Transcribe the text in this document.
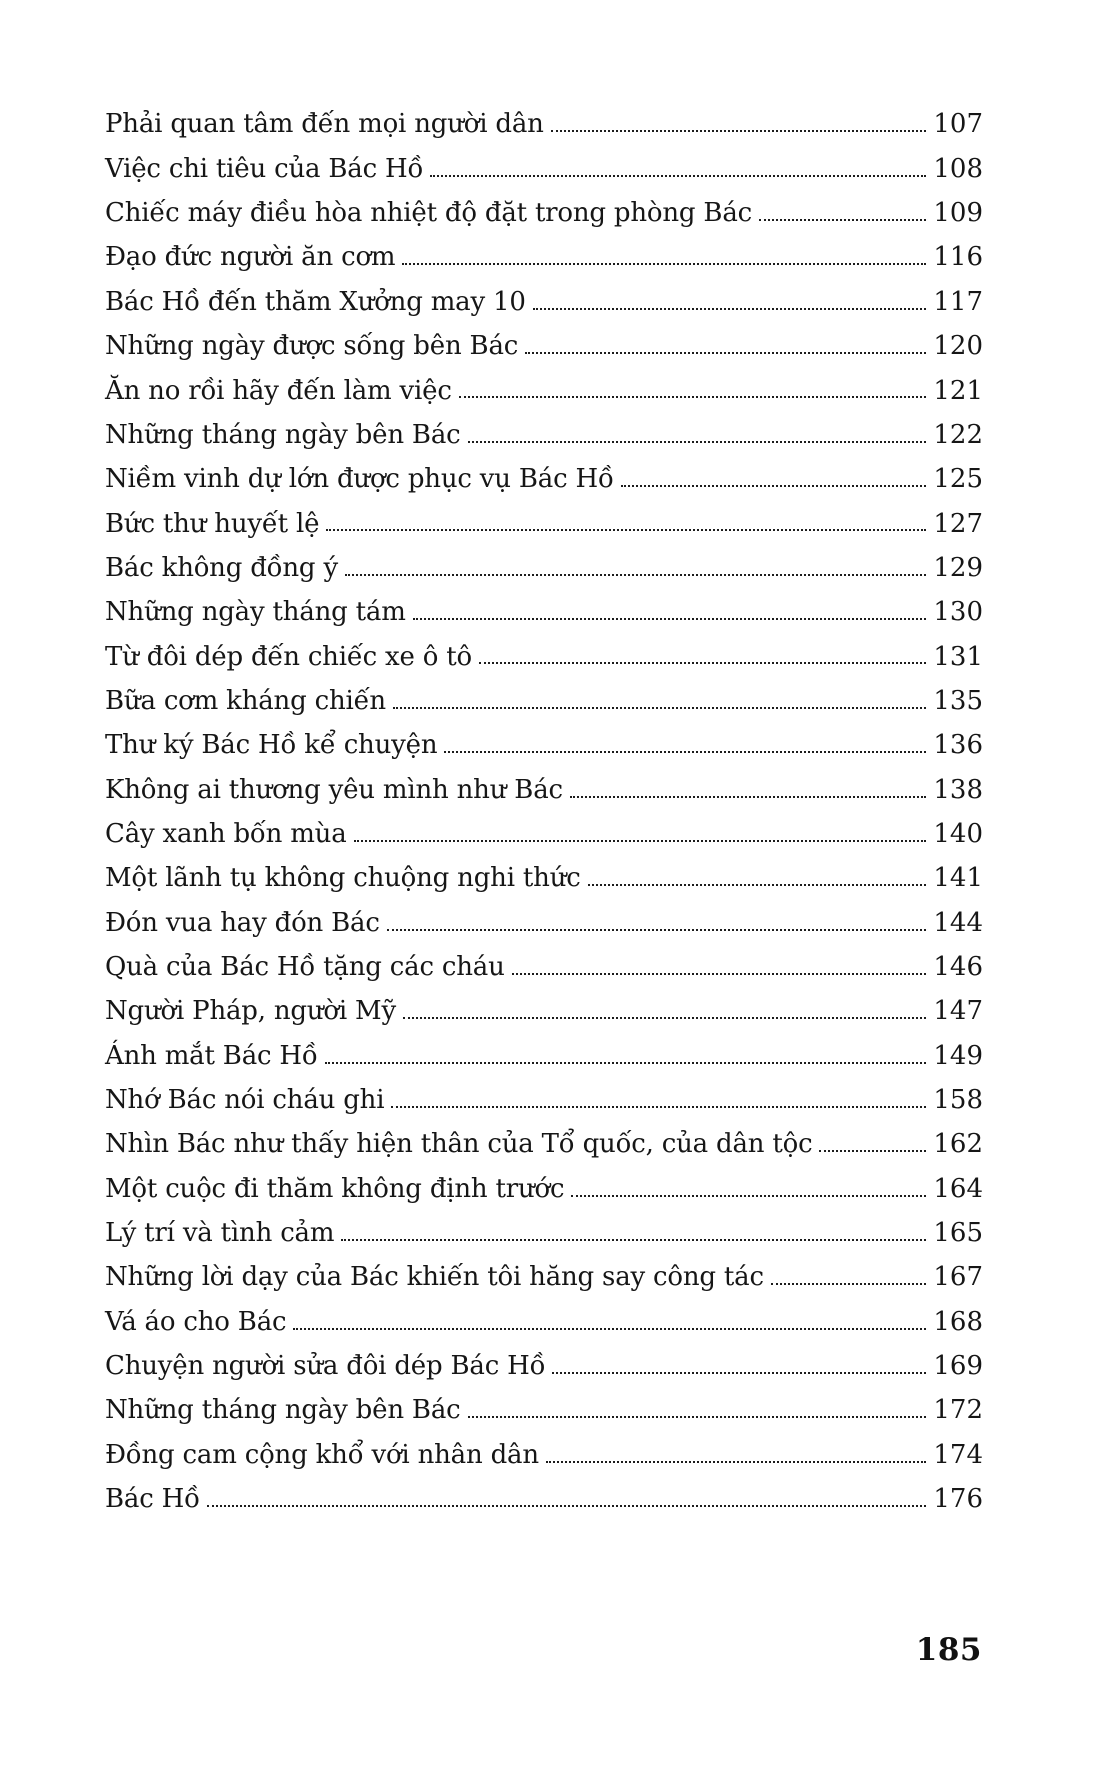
Phải quan tâm đến mọi người dân	107
Việc chi tiêu của Bác Hồ	108
Chiếc máy điều hòa nhiệt độ đặt trong phòng Bác	109
Đạo đức người ăn cơm	116
Bác Hồ đến thăm Xưởng may 10	117
Những ngày được sống bên Bác	120
Ăn no rồi hãy đến làm việc	121
Những tháng ngày bên Bác	122
Niềm vinh dự lớn được phục vụ Bác Hồ	125
Bức thư huyết lệ	127
Bác không đồng ý	129
Những ngày tháng tám	130
Từ đôi dép đến chiếc xe ô tô	131
Bữa cơm kháng chiến	135
Thư ký Bác Hồ kể chuyện	136
Không ai thương yêu mình như Bác	138
Cây xanh bốn mùa	140
Một lãnh tụ không chuộng nghi thức	141
Đón vua hay đón Bác	144
Quà của Bác Hồ tặng các cháu	146
Người Pháp, người Mỹ	147
Ánh mắt Bác Hồ	149
Nhớ Bác nói cháu ghi	158
Nhìn Bác như thấy hiện thân của Tổ quốc, của dân tộc	162
Một cuộc đi thăm không định trước	164
Lý trí và tình cảm	165
Những lời dạy của Bác khiến tôi hăng say công tác	167
Vá áo cho Bác	168
Chuyện người sửa đôi dép Bác Hồ	169
Những tháng ngày bên Bác	172
Đồng cam cộng khổ với nhân dân	174
Bác Hồ	176
185
